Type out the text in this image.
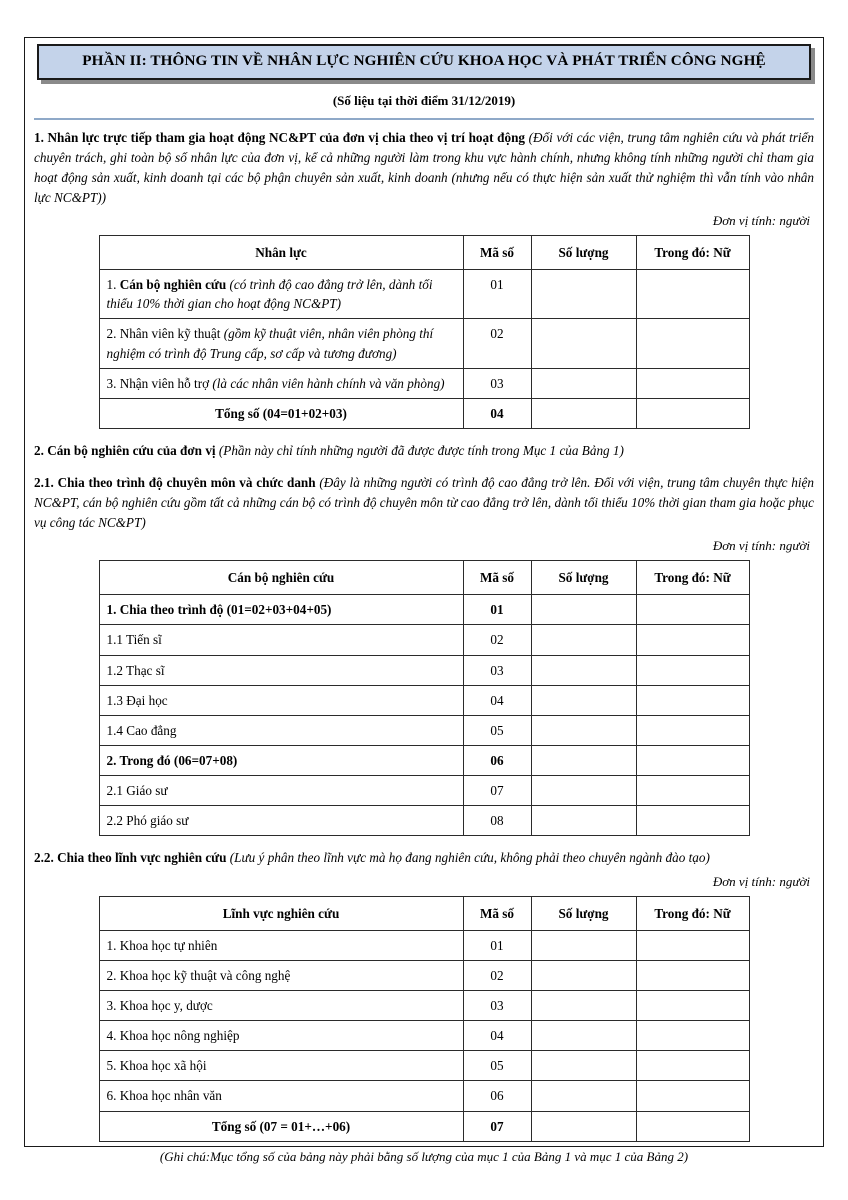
PHẦN II: THÔNG TIN VỀ NHÂN LỰC NGHIÊN CỨU KHOA HỌC VÀ PHÁT TRIỂN CÔNG NGHỆ
(Số liệu tại thời điểm 31/12/2019)
1. Nhân lực trực tiếp tham gia hoạt động NC&PT của đơn vị chia theo vị trí hoạt động (Đối với các viện, trung tâm nghiên cứu và phát triển chuyên trách, ghi toàn bộ số nhân lực của đơn vị, kể cả những người làm trong khu vực hành chính, nhưng không tính những người chỉ tham gia hoạt động sản xuất, kinh doanh tại các bộ phận chuyên sản xuất, kinh doanh (nhưng nếu có thực hiện sản xuất thử nghiệm thì vẫn tính vào nhân lực NC&PT))
Đơn vị tính: người
Nhân lực	Mã số	Số lượng	Trong đó: Nữ
1. Cán bộ nghiên cứu (có trình độ cao đẳng trở lên, dành tối thiểu 10% thời gian cho hoạt động NC&PT)	01		
2. Nhân viên kỹ thuật (gồm kỹ thuật viên, nhân viên phòng thí nghiệm có trình độ Trung cấp, sơ cấp và tương đương)	02		
3. Nhận viên hỗ trợ (là các nhân viên hành chính và văn phòng)	03		
Tổng số (04=01+02+03)	04		
2. Cán bộ nghiên cứu của đơn vị (Phần này chỉ tính những người đã được được tính trong Mục 1 của Bảng 1)
2.1. Chia theo trình độ chuyên môn và chức danh (Đây là những người có trình độ cao đẳng trở lên. Đối với viện, trung tâm chuyên thực hiện NC&PT, cán bộ nghiên cứu gồm tất cả những cán bộ có trình độ chuyên môn từ cao đẳng trở lên, dành tối thiểu 10% thời gian tham gia hoặc phục vụ công tác NC&PT)
Đơn vị tính: người
Cán bộ nghiên cứu	Mã số	Số lượng	Trong đó: Nữ
1. Chia theo trình độ (01=02+03+04+05)	01		
1.1 Tiến sĩ	02		
1.2 Thạc sĩ	03		
1.3 Đại học	04		
1.4 Cao đẳng	05		
2. Trong đó (06=07+08)	06		
2.1 Giáo sư	07		
2.2 Phó giáo sư	08		
2.2. Chia theo lĩnh vực nghiên cứu (Lưu ý phân theo lĩnh vực mà họ đang nghiên cứu, không phải theo chuyên ngành đào tạo)
Đơn vị tính: người
Lĩnh vực nghiên cứu	Mã số	Số lượng	Trong đó: Nữ
1. Khoa học tự nhiên	01		
2. Khoa học kỹ thuật và công nghệ	02		
3. Khoa học y, dược	03		
4. Khoa học nông nghiệp	04		
5. Khoa học xã hội	05		
6. Khoa học nhân văn	06		
Tổng số (07 = 01+…+06)	07		
(Ghi chú:Mục tổng số của bảng này phải bằng số lượng của mục 1 của Bảng 1 và mục 1 của Bảng 2)
